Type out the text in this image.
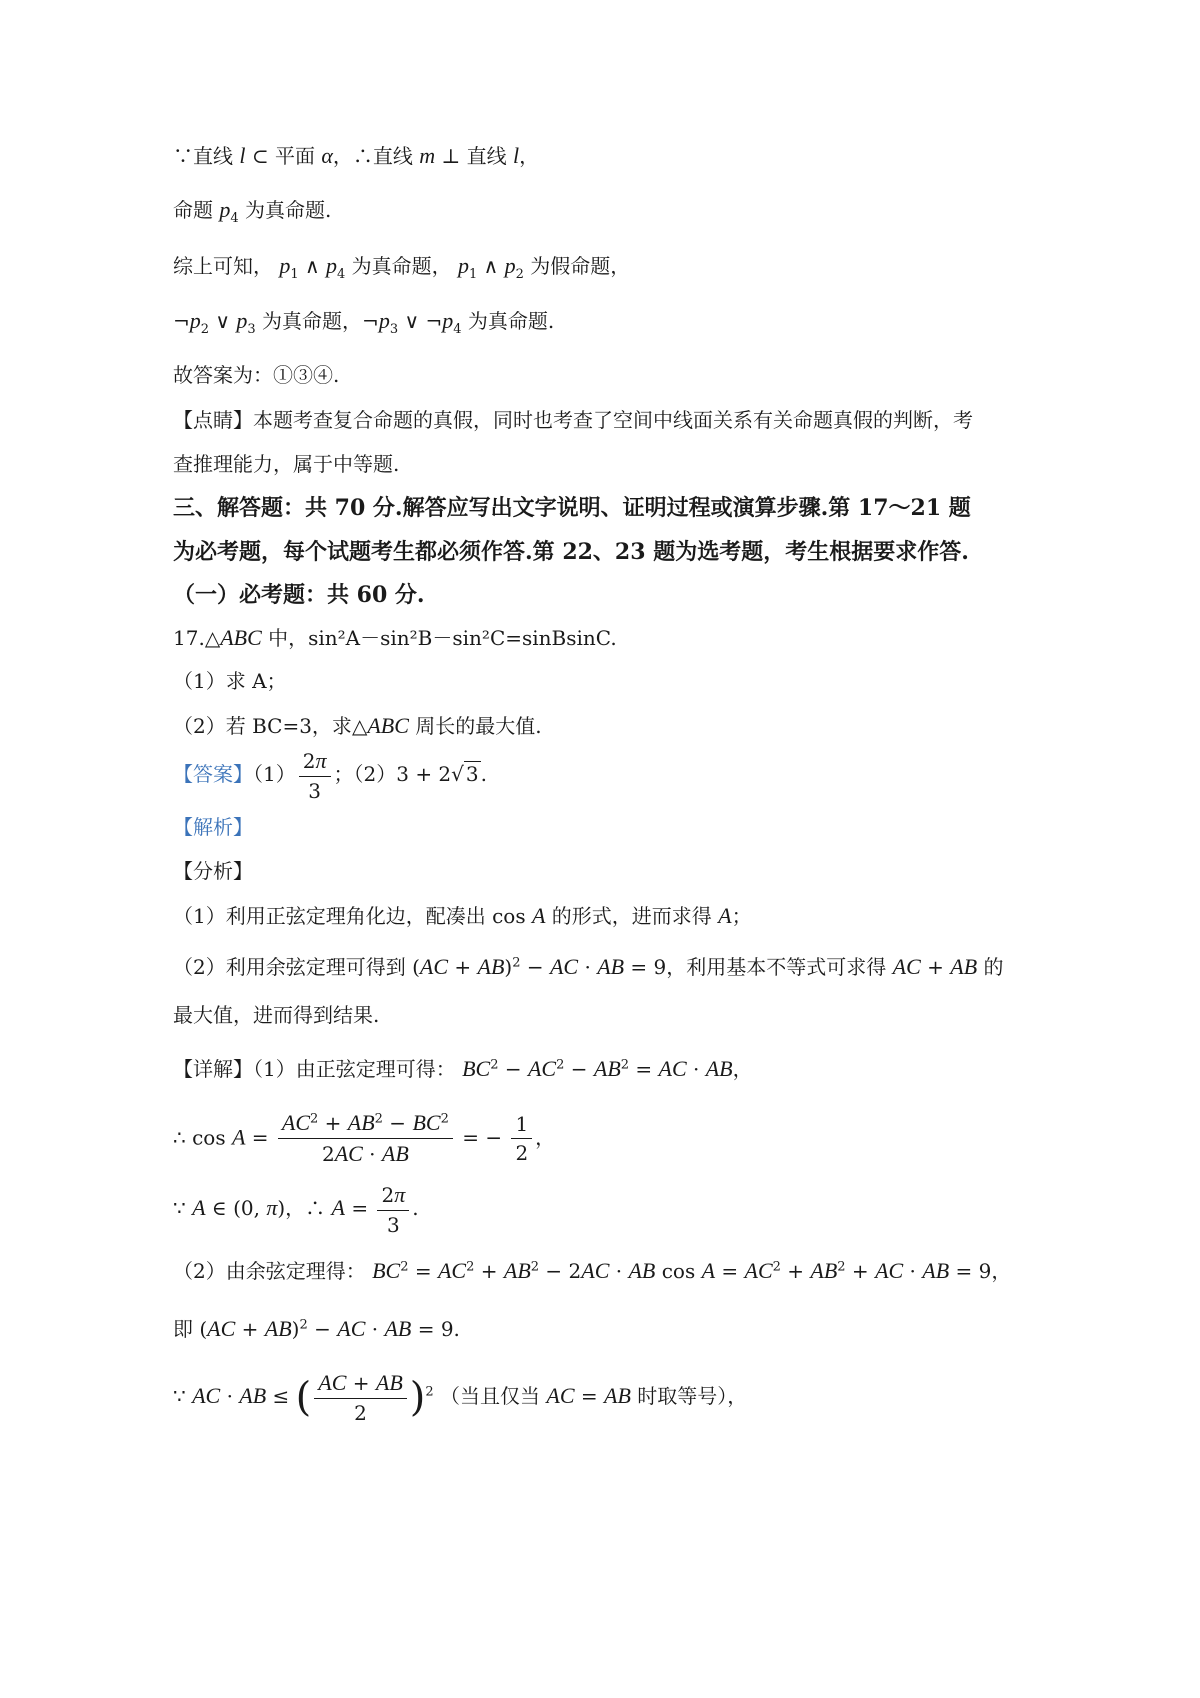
∵直线 l ⊂ 平面 α，∴直线 m ⊥ 直线 l，
命题 $p_4$ 为真命题.
综上可知， $p_1$ ∧ $p_4$ 为真命题， $p_1$ ∧ $p_2$ 为假命题，
$\neg p_2$ ∨ $p_3$ 为真命题，$\neg p_3$ ∨ $\neg p_4$ 为真命题.
故答案为：①③④.
【点睛】本题考查复合命题的真假，同时也考查了空间中线面关系有关命题真假的判断，考
查推理能力，属于中等题.
三、解答题：共 70 分.解答应写出文字说明、证明过程或演算步骤.第 17～21 题
为必考题，每个试题考生都必须作答.第 22、23 题为选考题，考生根据要求作答.
（一）必考题：共 60 分.
17.△ABC 中，sin²A－sin²B－sin²C=sinBsinC.
（1）求 A；
（2）若 BC=3，求△ABC 周长的最大值.
【答案】$(1) \frac{2\pi}{3}$ ；（2）3 + 2√ 3 .
【解析】
【分析】
（1）利用正弦定理角化边，配凑出 cos A 的形式，进而求得 A；
（2）利用余弦定理可得到 (AC + AB)$^2$ − AC · AB = 9，利用基本不等式可求得 AC + AB 的
最大值，进而得到结果.
【详解】（1）由正弦定理可得： $BC^2 - AC^2 - AB^2$ = AC · AB，
∴ $\cos A = \frac{AC^2 + AB^2 - BC^2}{2AC \cdot AB}$ = − $\frac{1}{2}$ ，
∵ A ∈ (0, π)，∴ $A = \frac{2\pi}{3}$ .
（2）由余弦定理得： $BC^2 = AC^2 + AB^2 - 2AC$ · AB $\cos A = AC^2 + AB^2$ + AC · AB = 9，
即 (AC + AB)$^2$ − AC · AB = 9.
∵ AC · AB ≤ ( $\frac{AC + AB}{2} )^2$ （当且仅当 AC = AB 时取等号），
